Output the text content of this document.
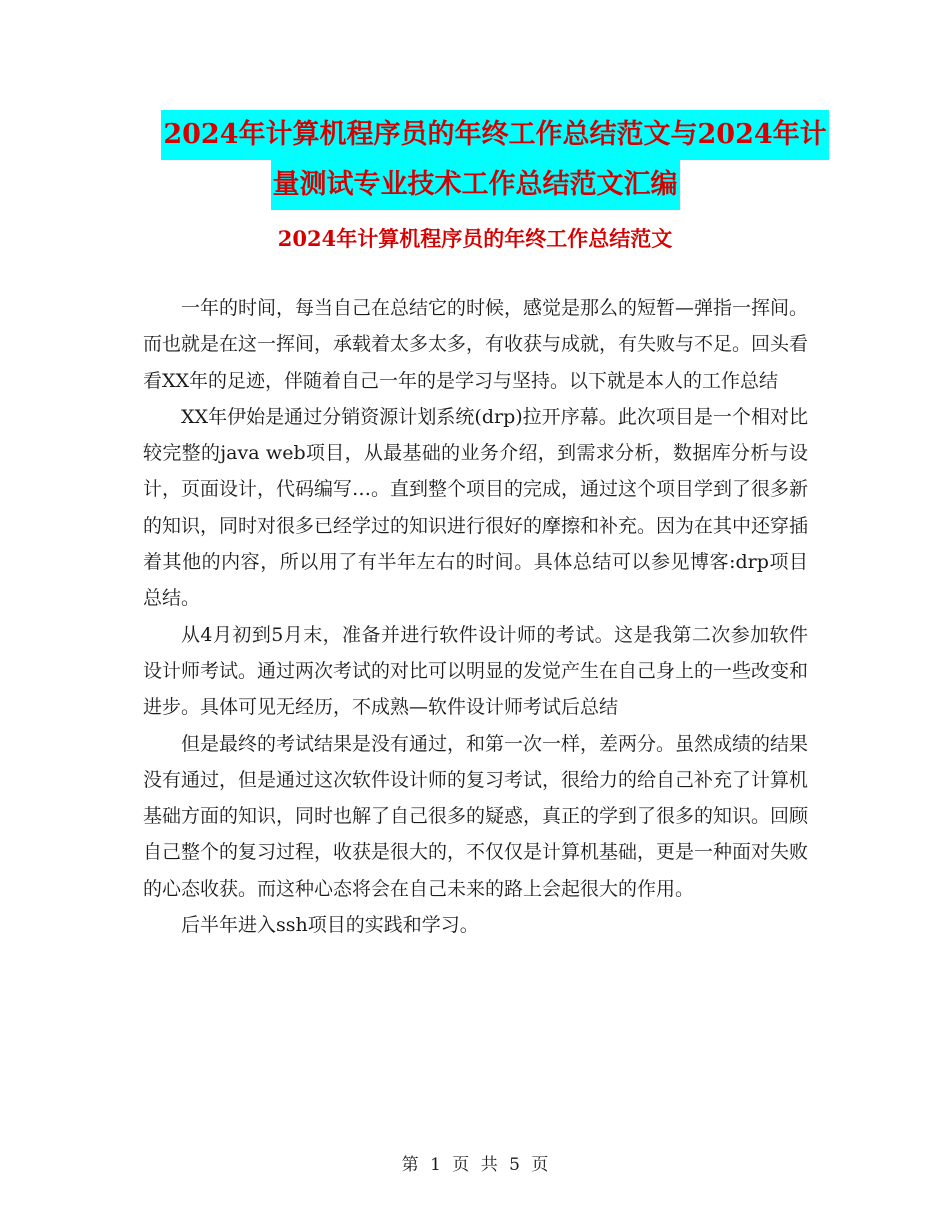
2024年计算机程序员的年终工作总结范文与2024年计
量测试专业技术工作总结范文汇编
2024年计算机程序员的年终工作总结范文

一年的时间，每当自己在总结它的时候，感觉是那么的短暂—弹指一挥间。而也就是在这一挥间，承载着太多太多，有收获与成就，有失败与不足。回头看看XX年的足迹，伴随着自己一年的是学习与坚持。以下就是本人的工作总结

XX年伊始是通过分销资源计划系统(drp)拉开序幕。此次项目是一个相对比较完整的java web项目，从最基础的业务介绍，到需求分析，数据库分析与设计，页面设计，代码编写…。直到整个项目的完成，通过这个项目学到了很多新的知识，同时对很多已经学过的知识进行很好的摩擦和补充。因为在其中还穿插着其他的内容，所以用了有半年左右的时间。具体总结可以参见博客:drp项目总结。

从4月初到5月末，准备并进行软件设计师的考试。这是我第二次参加软件设计师考试。通过两次考试的对比可以明显的发觉产生在自己身上的一些改变和进步。具体可见无经历，不成熟—软件设计师考试后总结

但是最终的考试结果是没有通过，和第一次一样，差两分。虽然成绩的结果没有通过，但是通过这次软件设计师的复习考试，很给力的给自己补充了计算机基础方面的知识，同时也解了自己很多的疑惑，真正的学到了很多的知识。回顾自己整个的复习过程，收获是很大的，不仅仅是计算机基础，更是一种面对失败的心态收获。而这种心态将会在自己未来的路上会起很大的作用。

后半年进入ssh项目的实践和学习。

第 1 页 共 5 页
